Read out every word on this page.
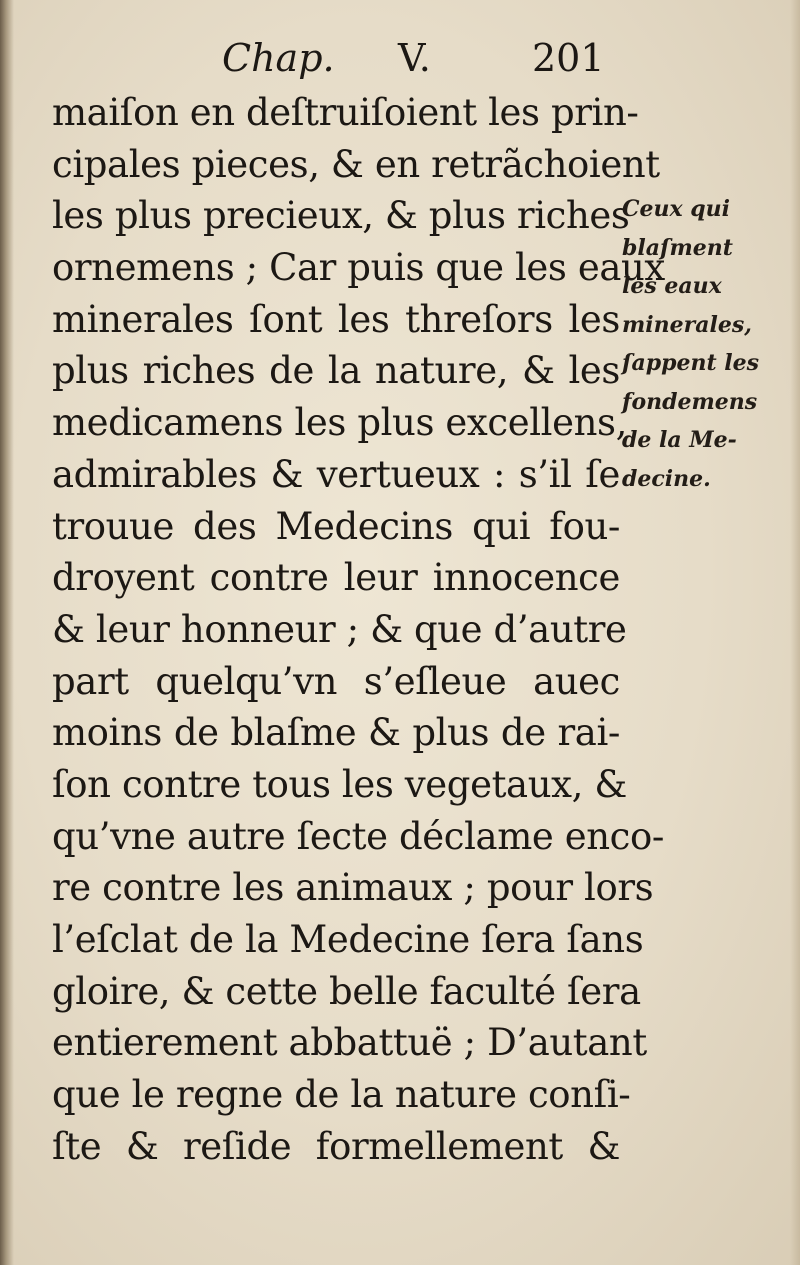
Chap. V.	201
maiſon en deſtruiſoient les prin-
cipales pieces, & en retrãchoient
les plus precieux, & plus riches
ornemens ; Car puis que les eaux
minerales ſont les threſors les
plus riches de la nature, & les
medicamens les plus excellens,
admirables & vertueux : s’il ſe
trouue des Medecins qui fou-
droyent contre leur innocence
& leur honneur ; & que d’autre
part quelqu’vn s’eſleue auec
moins de blaſme & plus de rai-
ſon contre tous les vegetaux, &
qu’vne autre ſecte déclame enco-
re contre les animaux ; pour lors
l’eſclat de la Medecine ſera ſans
gloire, & cette belle faculté ſera
entierement abbattuë ; D’autant
que le regne de la nature conſi-
ſte & reſide formellement &
Ceux qui
blaſment
les eaux
minerales,
ſappent les
fondemens
de la Me-
decine.
